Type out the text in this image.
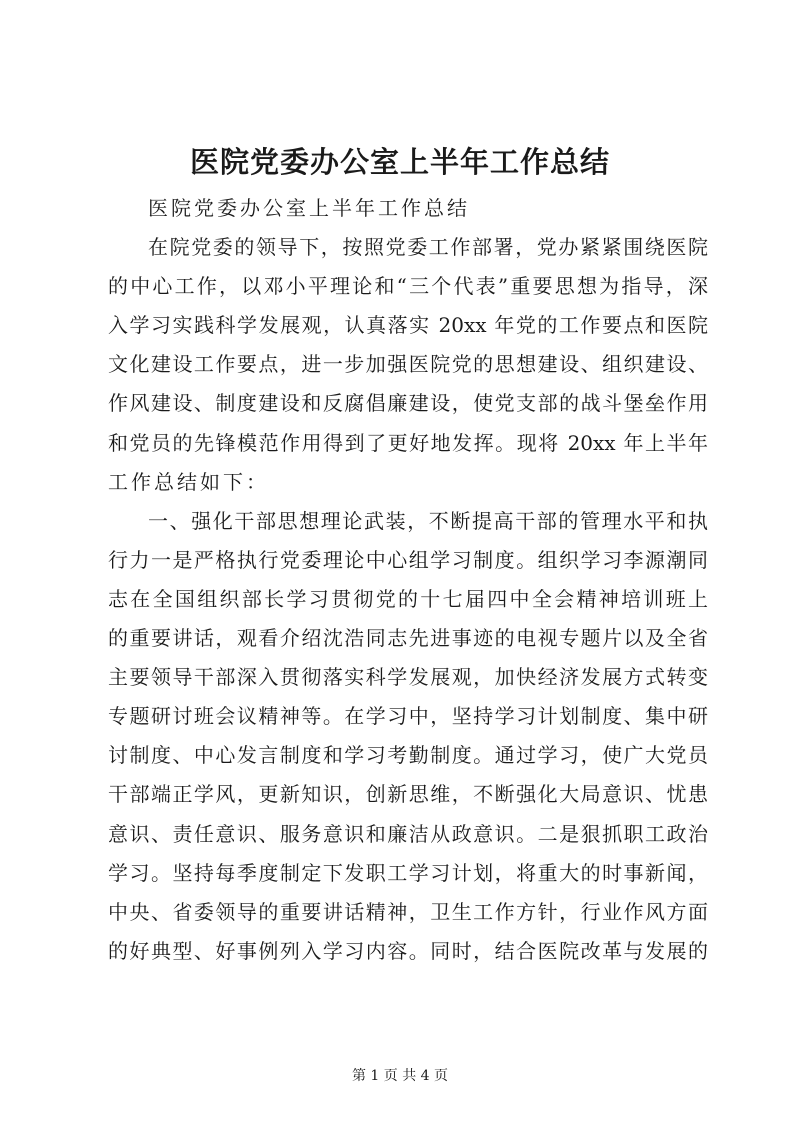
医院党委办公室上半年工作总结
医院党委办公室上半年工作总结
在院党委的领导下，按照党委工作部署，党办紧紧围绕医院
的中心工作，以邓小平理论和“三个代表”重要思想为指导，深
入学习实践科学发展观，认真落实 20xx 年党的工作要点和医院
文化建设工作要点，进一步加强医院党的思想建设、组织建设、
作风建设、制度建设和反腐倡廉建设，使党支部的战斗堡垒作用
和党员的先锋模范作用得到了更好地发挥。现将 20xx 年上半年
工作总结如下：
一、强化干部思想理论武装，不断提高干部的管理水平和执
行力一是严格执行党委理论中心组学习制度。组织学习李源潮同
志在全国组织部长学习贯彻党的十七届四中全会精神培训班上
的重要讲话，观看介绍沈浩同志先进事迹的电视专题片以及全省
主要领导干部深入贯彻落实科学发展观，加快经济发展方式转变
专题研讨班会议精神等。在学习中，坚持学习计划制度、集中研
讨制度、中心发言制度和学习考勤制度。通过学习，使广大党员
干部端正学风，更新知识，创新思维，不断强化大局意识、忧患
意识、责任意识、服务意识和廉洁从政意识。二是狠抓职工政治
学习。坚持每季度制定下发职工学习计划，将重大的时事新闻，
中央、省委领导的重要讲话精神，卫生工作方针，行业作风方面
的好典型、好事例列入学习内容。同时，结合医院改革与发展的
第 1 页 共 4 页
